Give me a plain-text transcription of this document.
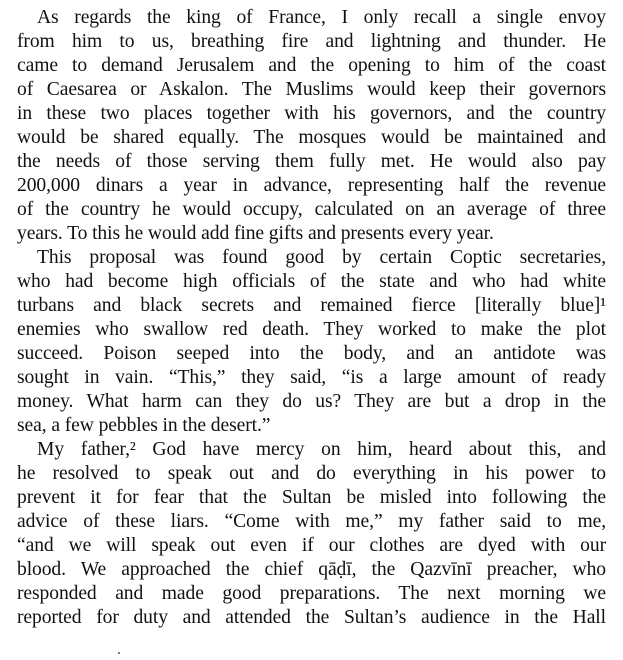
As regards the king of France, I only recall a single envoy
from him to us, breathing fire and lightning and thunder. He
came to demand Jerusalem and the opening to him of the coast
of Caesarea or Askalon. The Muslims would keep their governors
in these two places together with his governors, and the country
would be shared equally. The mosques would be maintained and
the needs of those serving them fully met. He would also pay
200,000 dinars a year in advance, representing half the revenue
of the country he would occupy, calculated on an average of three
years. To this he would add fine gifts and presents every year.
This proposal was found good by certain Coptic secretaries,
who had become high officials of the state and who had white
turbans and black secrets and remained fierce [literally blue]¹
enemies who swallow red death. They worked to make the plot
succeed. Poison seeped into the body, and an antidote was
sought in vain. “This,” they said, “is a large amount of ready
money. What harm can they do us? They are but a drop in the
sea, a few pebbles in the desert.”
My father,² God have mercy on him, heard about this, and
he resolved to speak out and do everything in his power to
prevent it for fear that the Sultan be misled into following the
advice of these liars. “Come with me,” my father said to me,
“and we will speak out even if our clothes are dyed with our
blood. We approached the chief qāḍī, the Qazvīnī preacher, who
responded and made good preparations. The next morning we
reported for duty and attended the Sultan’s audience in the Hall
